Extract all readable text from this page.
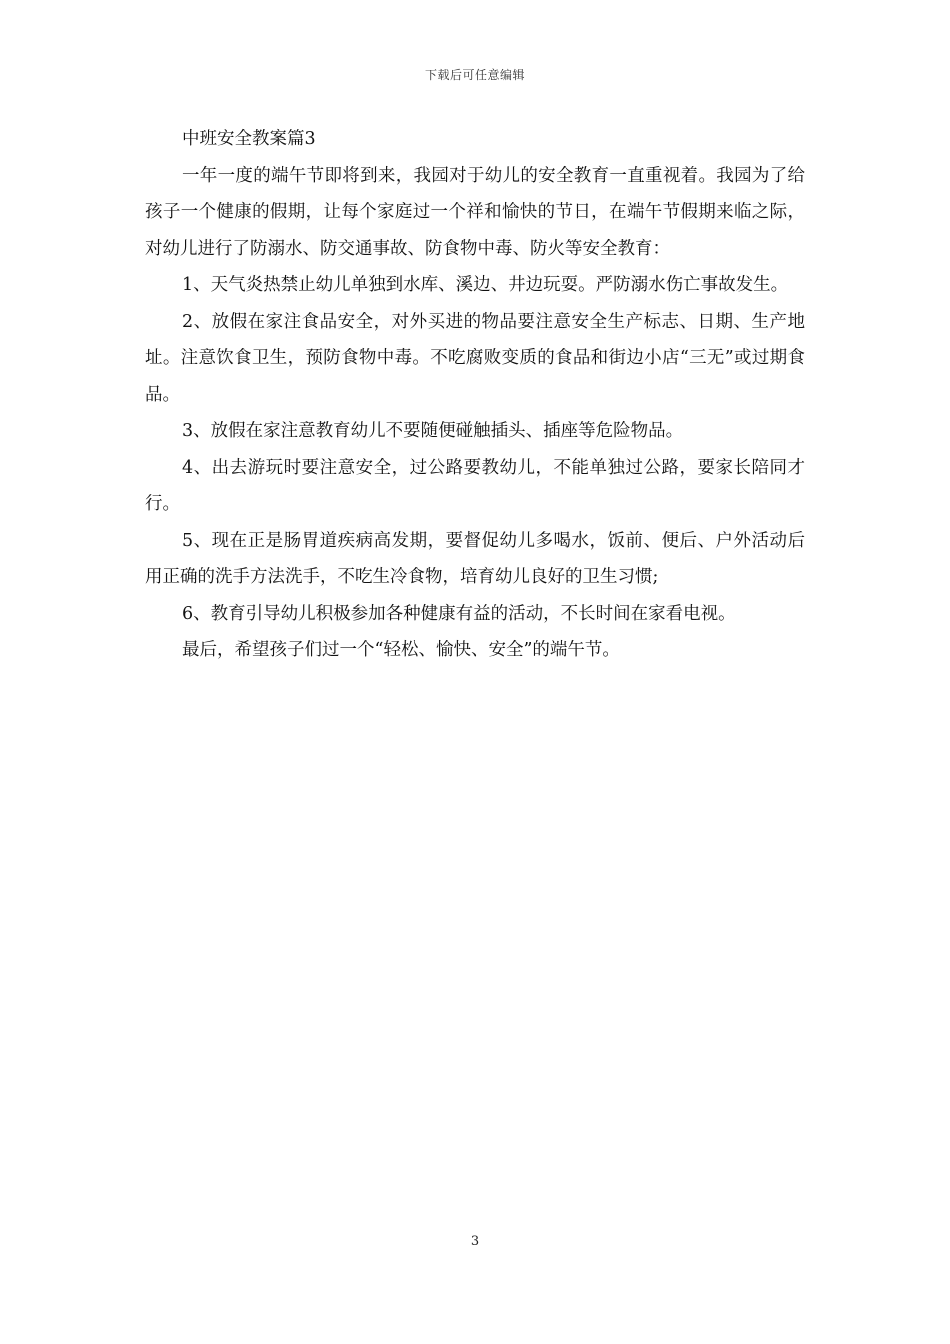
下载后可任意编辑

中班安全教案篇3

一年一度的端午节即将到来，我园对于幼儿的安全教育一直重视着。我园为了给孩子一个健康的假期，让每个家庭过一个祥和愉快的节日，在端午节假期来临之际，对幼儿进行了防溺水、防交通事故、防食物中毒、防火等安全教育：

1、天气炎热禁止幼儿单独到水库、溪边、井边玩耍。严防溺水伤亡事故发生。

2、放假在家注食品安全，对外买进的物品要注意安全生产标志、日期、生产地址。注意饮食卫生，预防食物中毒。不吃腐败变质的食品和街边小店“三无”或过期食品。

3、放假在家注意教育幼儿不要随便碰触插头、插座等危险物品。

4、出去游玩时要注意安全，过公路要教幼儿，不能单独过公路，要家长陪同才行。

5、现在正是肠胃道疾病高发期，要督促幼儿多喝水，饭前、便后、户外活动后用正确的洗手方法洗手，不吃生冷食物，培育幼儿良好的卫生习惯;

6、教育引导幼儿积极参加各种健康有益的活动，不长时间在家看电视。

最后，希望孩子们过一个“轻松、愉快、安全”的端午节。

3
